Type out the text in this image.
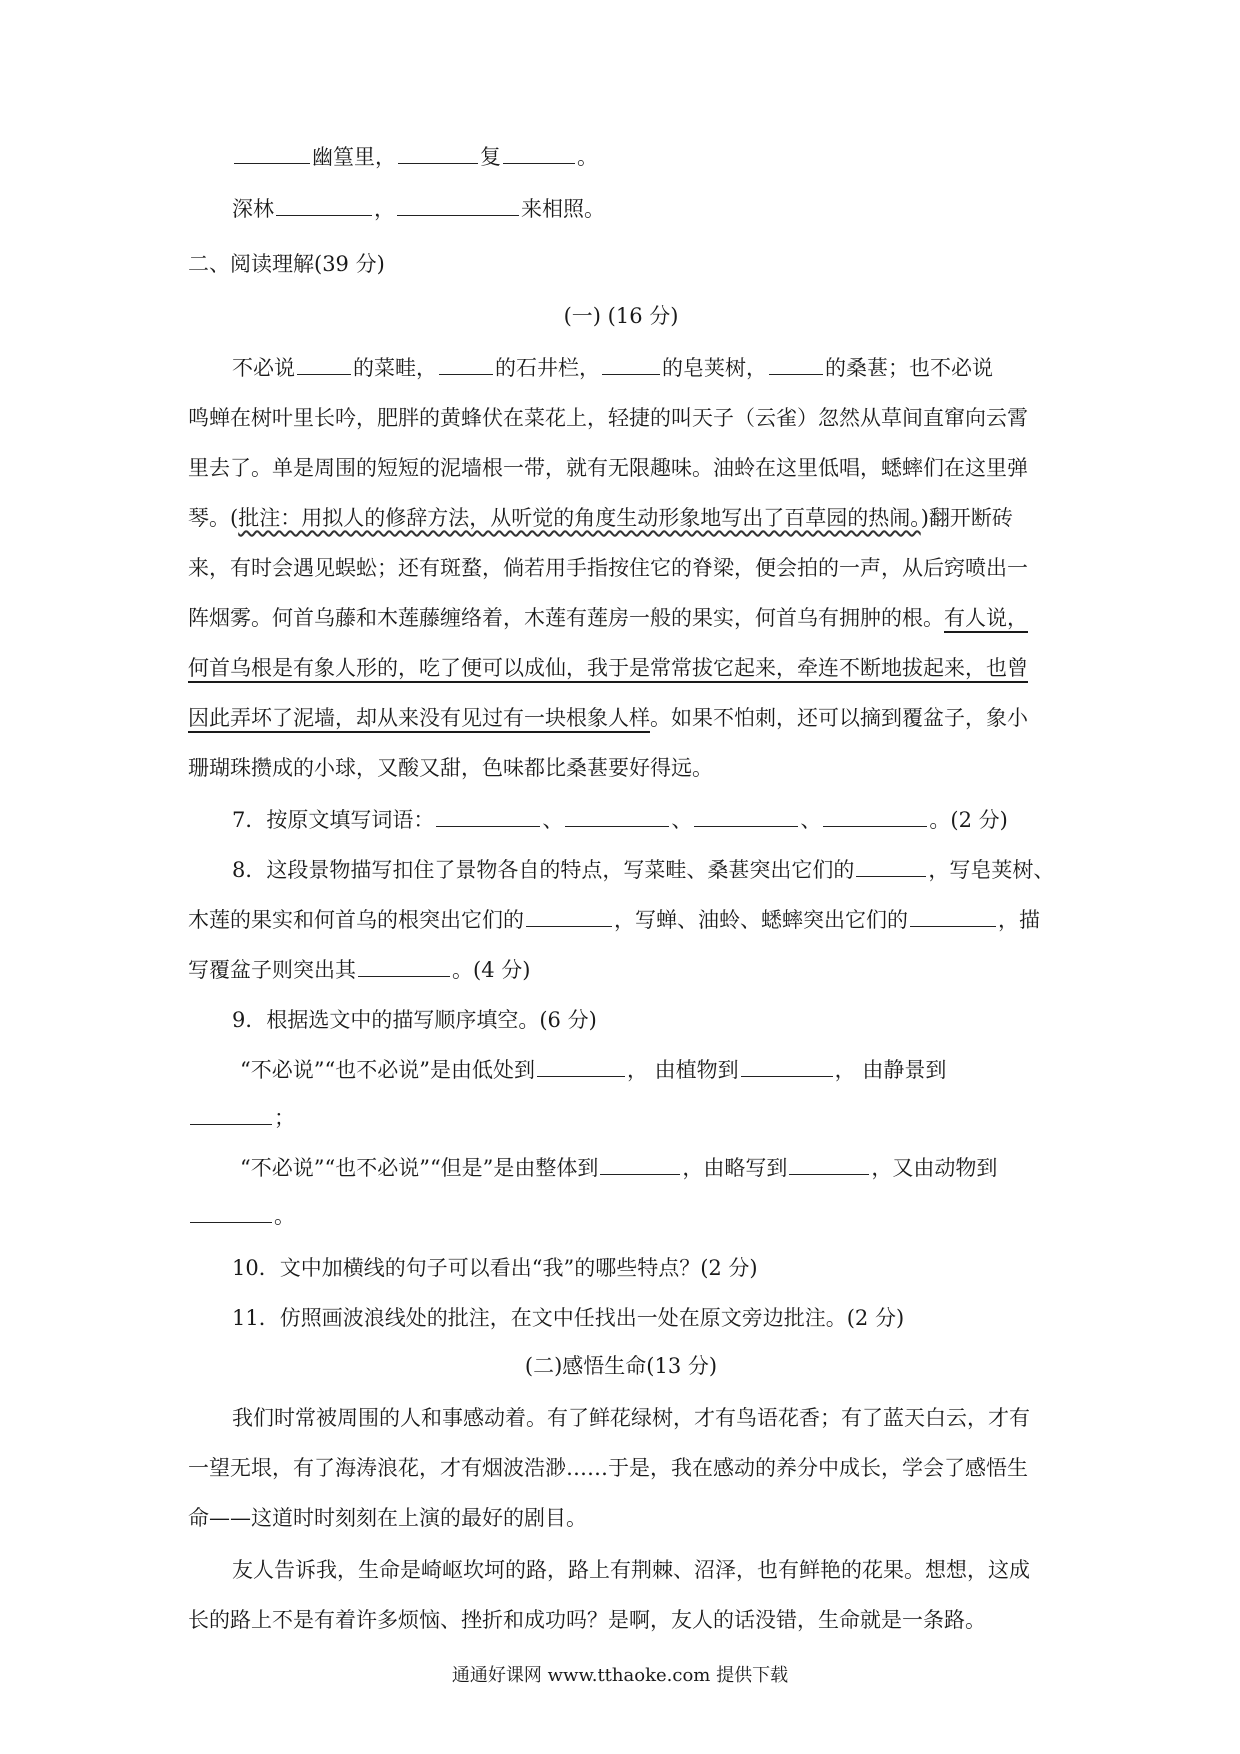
幽篁里，	复	。
深林	，	来相照。
二、阅读理解(39 分)
(一) (16 分)
不必说	的菜畦，	的石井栏，	的皂荚树，	的桑葚；也不必说
鸣蝉在树叶里长吟，肥胖的黄蜂伏在菜花上，轻捷的叫天子（云雀）忽然从草间直窜向云霄
里去了。单是周围的短短的泥墙根一带，就有无限趣味。油蛉在这里低唱，蟋蟀们在这里弹
琴。(批注：用拟人的修辞方法，从听觉的角度生动形象地写出了百草园的热闹。)翻开断砖
来，有时会遇见蜈蚣；还有斑蝥，倘若用手指按住它的脊梁，便会拍的一声，从后窍喷出一
阵烟雾。何首乌藤和木莲藤缠络着，木莲有莲房一般的果实，何首乌有拥肿的根。有人说，
何首乌根是有象人形的，吃了便可以成仙，我于是常常拔它起来，牵连不断地拔起来，也曾
因此弄坏了泥墙，却从来没有见过有一块根象人样。如果不怕刺，还可以摘到覆盆子，象小
珊瑚珠攒成的小球，又酸又甜，色味都比桑葚要好得远。
7．按原文填写词语：	、	、	、	。(2 分)
8．这段景物描写扣住了景物各自的特点，写菜畦、桑葚突出它们的	，写皂荚树、
木莲的果实和何首乌的根突出它们的	，写蝉、油蛉、蟋蟀突出它们的	，描
写覆盆子则突出其	。(4 分)
9．根据选文中的描写顺序填空。(6 分)
“不必说”“也不必说”是由低处到	， 由植物到	， 由静景到
；
“不必说”“也不必说”“但是”是由整体到	，由略写到	，又由动物到
。
10．文中加横线的句子可以看出“我”的哪些特点？(2 分)
11．仿照画波浪线处的批注，在文中任找出一处在原文旁边批注。(2 分)
(二)感悟生命(13 分)
我们时常被周围的人和事感动着。有了鲜花绿树，才有鸟语花香；有了蓝天白云，才有
一望无垠，有了海涛浪花，才有烟波浩渺……于是，我在感动的养分中成长，学会了感悟生
命——这道时时刻刻在上演的最好的剧目。
友人告诉我，生命是崎岖坎坷的路，路上有荆棘、沼泽，也有鲜艳的花果。想想，这成
长的路上不是有着许多烦恼、挫折和成功吗？是啊，友人的话没错，生命就是一条路。
通通好课网 www.tthaoke.com 提供下载
